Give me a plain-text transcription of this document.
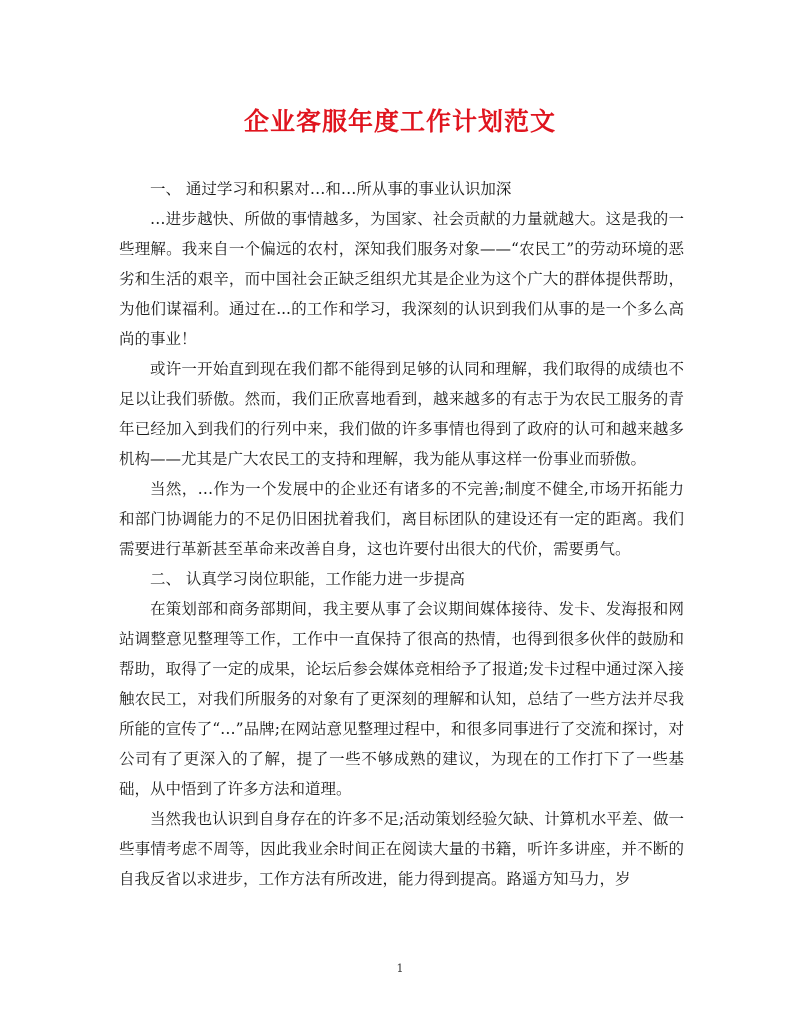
企业客服年度工作计划范文

一、 通过学习和积累对…和…所从事的事业认识加深

…进步越快、所做的事情越多，为国家、社会贡献的力量就越大。这是我的一些理解。我来自一个偏远的农村，深知我们服务对象——“农民工”的劳动环境的恶劣和生活的艰辛，而中国社会正缺乏组织尤其是企业为这个广大的群体提供帮助，为他们谋福利。通过在...的工作和学习，我深刻的认识到我们从事的是一个多么高尚的事业！

或许一开始直到现在我们都不能得到足够的认同和理解，我们取得的成绩也不足以让我们骄傲。然而，我们正欣喜地看到，越来越多的有志于为农民工服务的青年已经加入到我们的行列中来，我们做的许多事情也得到了政府的认可和越来越多机构——尤其是广大农民工的支持和理解，我为能从事这样一份事业而骄傲。

当然，…作为一个发展中的企业还有诸多的不完善;制度不健全,市场开拓能力和部门协调能力的不足仍旧困扰着我们，离目标团队的建设还有一定的距离。我们需要进行革新甚至革命来改善自身，这也许要付出很大的代价，需要勇气。

二、 认真学习岗位职能，工作能力进一步提高

在策划部和商务部期间，我主要从事了会议期间媒体接待、发卡、发海报和网站调整意见整理等工作，工作中一直保持了很高的热情，也得到很多伙伴的鼓励和帮助，取得了一定的成果，论坛后参会媒体竞相给予了报道;发卡过程中通过深入接触农民工，对我们所服务的对象有了更深刻的理解和认知，总结了一些方法并尽我所能的宣传了“…”品牌;在网站意见整理过程中，和很多同事进行了交流和探讨，对公司有了更深入的了解，提了一些不够成熟的建议，为现在的工作打下了一些基础，从中悟到了许多方法和道理。

当然我也认识到自身存在的许多不足;活动策划经验欠缺、计算机水平差、做一些事情考虑不周等，因此我业余时间正在阅读大量的书籍，听许多讲座，并不断的自我反省以求进步，工作方法有所改进，能力得到提高。路遥方知马力，岁

1
